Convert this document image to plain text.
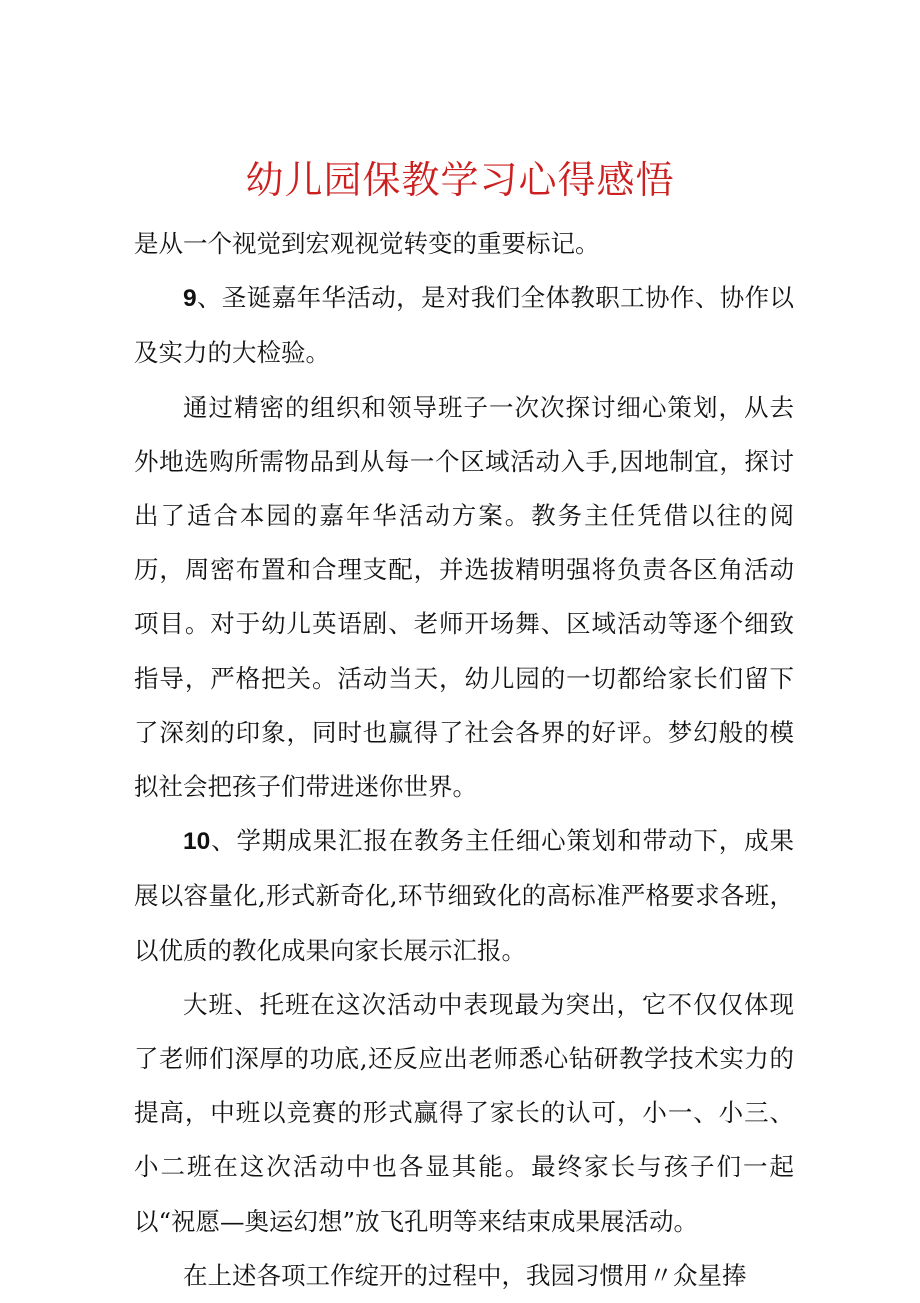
幼儿园保教学习心得感悟

是从一个视觉到宏观视觉转变的重要标记。

9、圣诞嘉年华活动，是对我们全体教职工协作、协作以及实力的大检验。

通过精密的组织和领导班子一次次探讨细心策划，从去外地选购所需物品到从每一个区域活动入手,因地制宜，探讨出了适合本园的嘉年华活动方案。教务主任凭借以往的阅历，周密布置和合理支配，并选拔精明强将负责各区角活动项目。对于幼儿英语剧、老师开场舞、区域活动等逐个细致指导，严格把关。活动当天，幼儿园的一切都给家长们留下了深刻的印象，同时也赢得了社会各界的好评。梦幻般的模拟社会把孩子们带进迷你世界。

10、学期成果汇报在教务主任细心策划和带动下，成果展以容量化,形式新奇化,环节细致化的高标准严格要求各班，以优质的教化成果向家长展示汇报。

大班、托班在这次活动中表现最为突出，它不仅仅体现了老师们深厚的功底,还反应出老师悉心钻研教学技术实力的提高，中班以竞赛的形式赢得了家长的认可，小一、小三、小二班在这次活动中也各显其能。最终家长与孩子们一起以“祝愿—奥运幻想”放飞孔明等来结束成果展活动。

在上述各项工作绽开的过程中，我园习惯用〃众星捧
